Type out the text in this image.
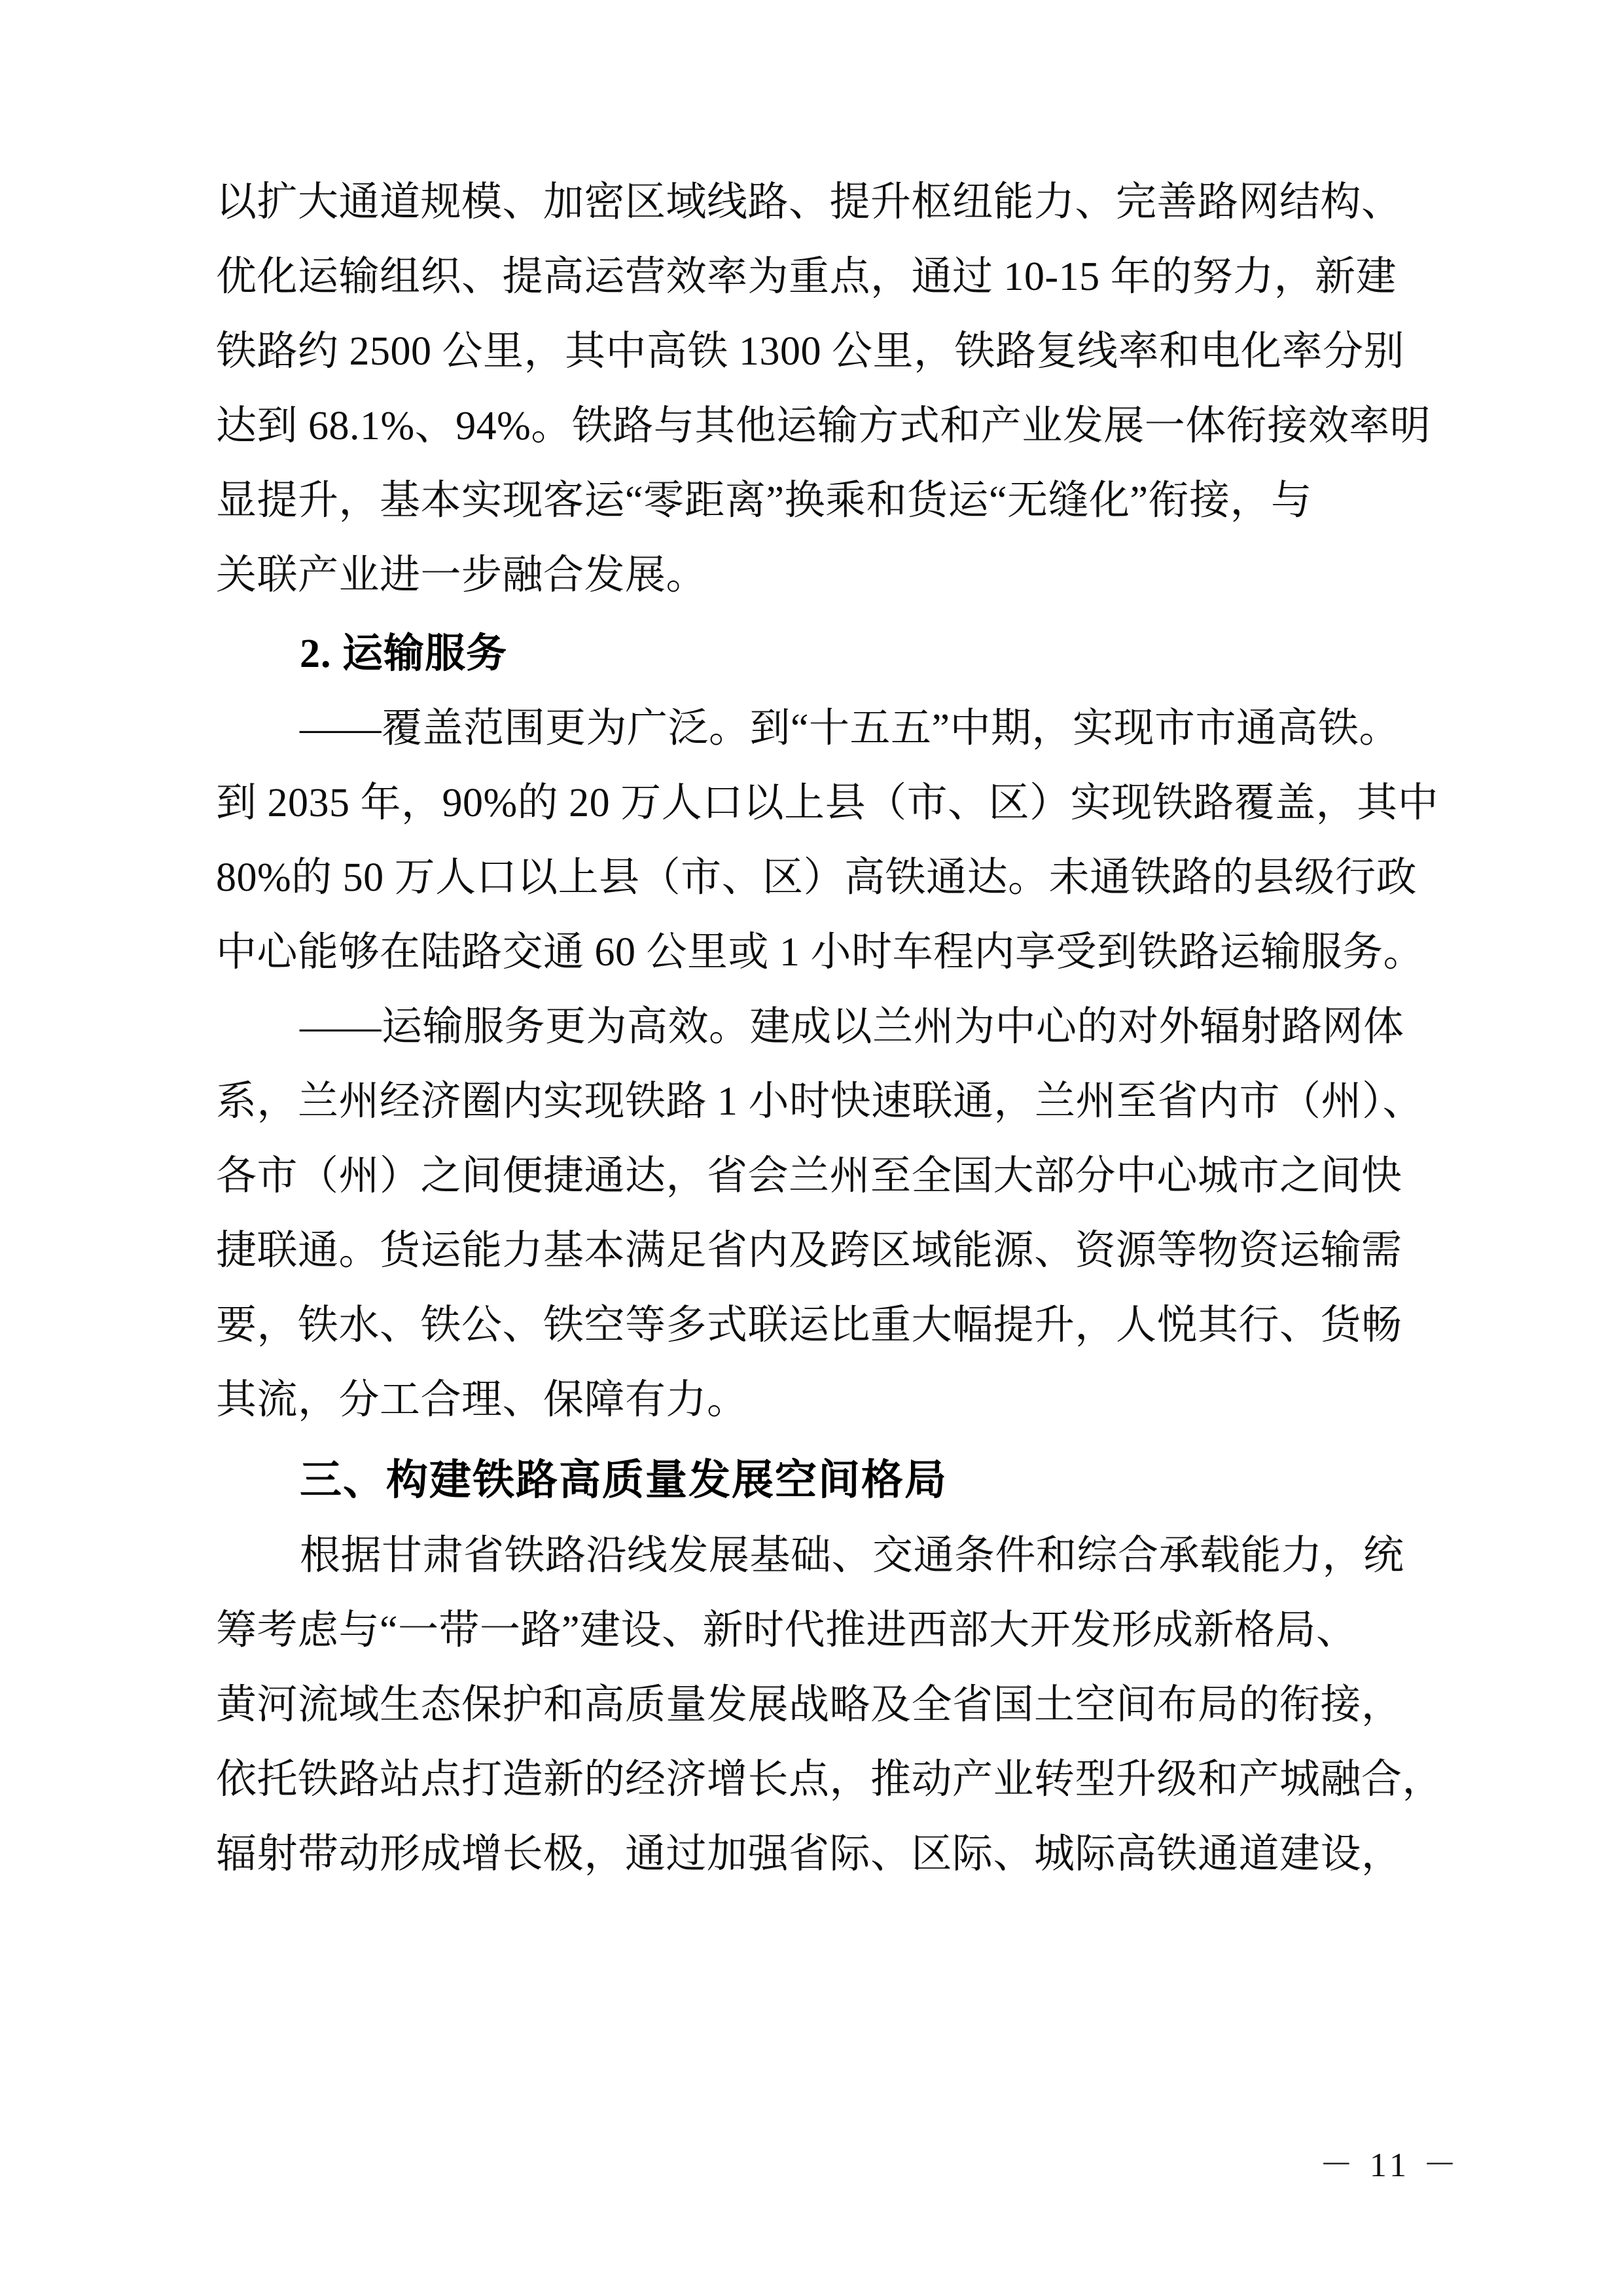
以扩大通道规模、加密区域线路、提升枢纽能力、完善路网结构、
优化运输组织、提高运营效率为重点，通过 10-15 年的努力，新建
铁路约 2500 公里，其中高铁 1300 公里，铁路复线率和电化率分别
达到 68.1%、94%。铁路与其他运输方式和产业发展一体衔接效率明
显提升，基本实现客运“零距离”换乘和货运“无缝化”衔接，与
关联产业进一步融合发展。
2. 运输服务
——覆盖范围更为广泛。到“十五五”中期，实现市市通高铁。
到 2035 年，90%的 20 万人口以上县（市、区）实现铁路覆盖，其中
80%的 50 万人口以上县（市、区）高铁通达。未通铁路的县级行政
中心能够在陆路交通 60 公里或 1 小时车程内享受到铁路运输服务。
——运输服务更为高效。建成以兰州为中心的对外辐射路网体
系，兰州经济圈内实现铁路 1 小时快速联通，兰州至省内市（州）、
各市（州）之间便捷通达，省会兰州至全国大部分中心城市之间快
捷联通。货运能力基本满足省内及跨区域能源、资源等物资运输需
要，铁水、铁公、铁空等多式联运比重大幅提升，人悦其行、货畅
其流，分工合理、保障有力。
三、构建铁路高质量发展空间格局
根据甘肃省铁路沿线发展基础、交通条件和综合承载能力，统
筹考虑与“一带一路”建设、新时代推进西部大开发形成新格局、
黄河流域生态保护和高质量发展战略及全省国土空间布局的衔接，
依托铁路站点打造新的经济增长点，推动产业转型升级和产城融合，
辐射带动形成增长极，通过加强省际、区际、城际高铁通道建设，
－ 11 －
